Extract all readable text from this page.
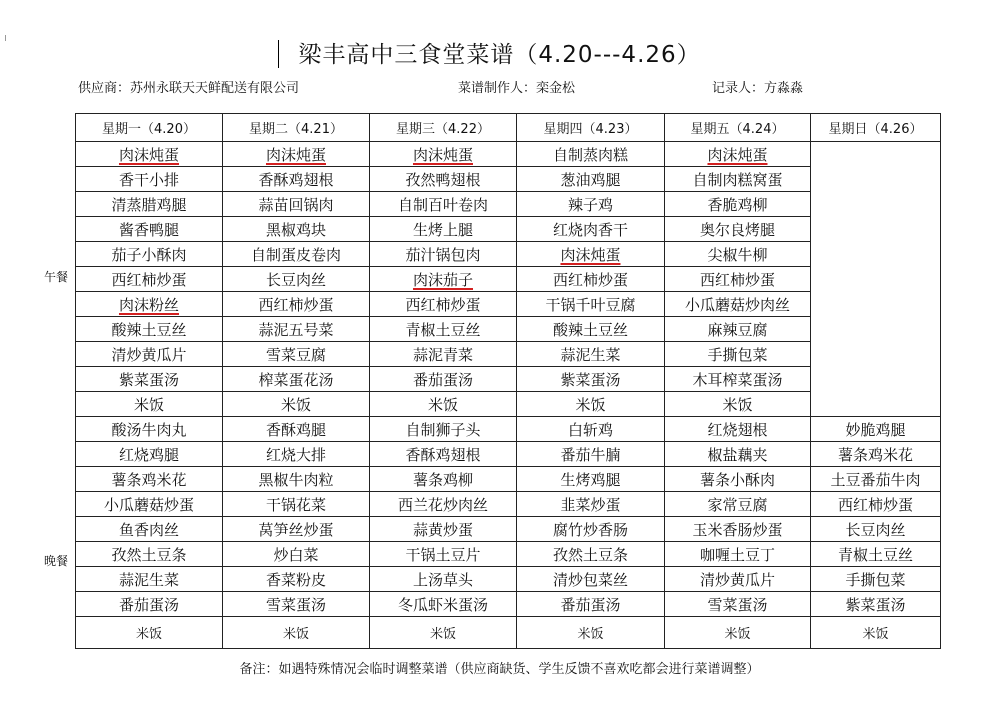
梁丰高中三食堂菜谱（4.20---4.26）
供应商：苏州永联天天鲜配送有限公司	菜谱制作人：栾金松	记录人：方淼淼
午餐
晚餐
星期一（4.20）	星期二（4.21）	星期三（4.22）	星期四（4.23）	星期五（4.24）	星期日（4.26）
肉沫炖蛋	肉沫炖蛋	肉沫炖蛋	自制蒸肉糕	肉沫炖蛋	
香干小排	香酥鸡翅根	孜然鸭翅根	葱油鸡腿	自制肉糕窝蛋	
清蒸腊鸡腿	蒜苗回锅肉	自制百叶卷肉	辣子鸡	香脆鸡柳	
酱香鸭腿	黑椒鸡块	生烤上腿	红烧肉香干	奥尔良烤腿	
茄子小酥肉	自制蛋皮卷肉	茄汁锅包肉	肉沫炖蛋	尖椒牛柳	
西红柿炒蛋	长豆肉丝	肉沫茄子	西红柿炒蛋	西红柿炒蛋	
肉沫粉丝	西红柿炒蛋	西红柿炒蛋	干锅千叶豆腐	小瓜蘑菇炒肉丝	
酸辣土豆丝	蒜泥五号菜	青椒土豆丝	酸辣土豆丝	麻辣豆腐	
清炒黄瓜片	雪菜豆腐	蒜泥青菜	蒜泥生菜	手撕包菜	
紫菜蛋汤	榨菜蛋花汤	番茄蛋汤	紫菜蛋汤	木耳榨菜蛋汤	
米饭	米饭	米饭	米饭	米饭	
酸汤牛肉丸	香酥鸡腿	自制狮子头	白斩鸡	红烧翅根	妙脆鸡腿
红烧鸡腿	红烧大排	香酥鸡翅根	番茄牛腩	椒盐藕夹	薯条鸡米花
薯条鸡米花	黑椒牛肉粒	薯条鸡柳	生烤鸡腿	薯条小酥肉	土豆番茄牛肉
小瓜蘑菇炒蛋	干锅花菜	西兰花炒肉丝	韭菜炒蛋	家常豆腐	西红柿炒蛋
鱼香肉丝	莴笋丝炒蛋	蒜黄炒蛋	腐竹炒香肠	玉米香肠炒蛋	长豆肉丝
孜然土豆条	炒白菜	干锅土豆片	孜然土豆条	咖喱土豆丁	青椒土豆丝
蒜泥生菜	香菜粉皮	上汤草头	清炒包菜丝	清炒黄瓜片	手撕包菜
番茄蛋汤	雪菜蛋汤	冬瓜虾米蛋汤	番茄蛋汤	雪菜蛋汤	紫菜蛋汤
米饭	米饭	米饭	米饭	米饭	米饭
备注：如遇特殊情况会临时调整菜谱（供应商缺货、学生反馈不喜欢吃都会进行菜谱调整）
